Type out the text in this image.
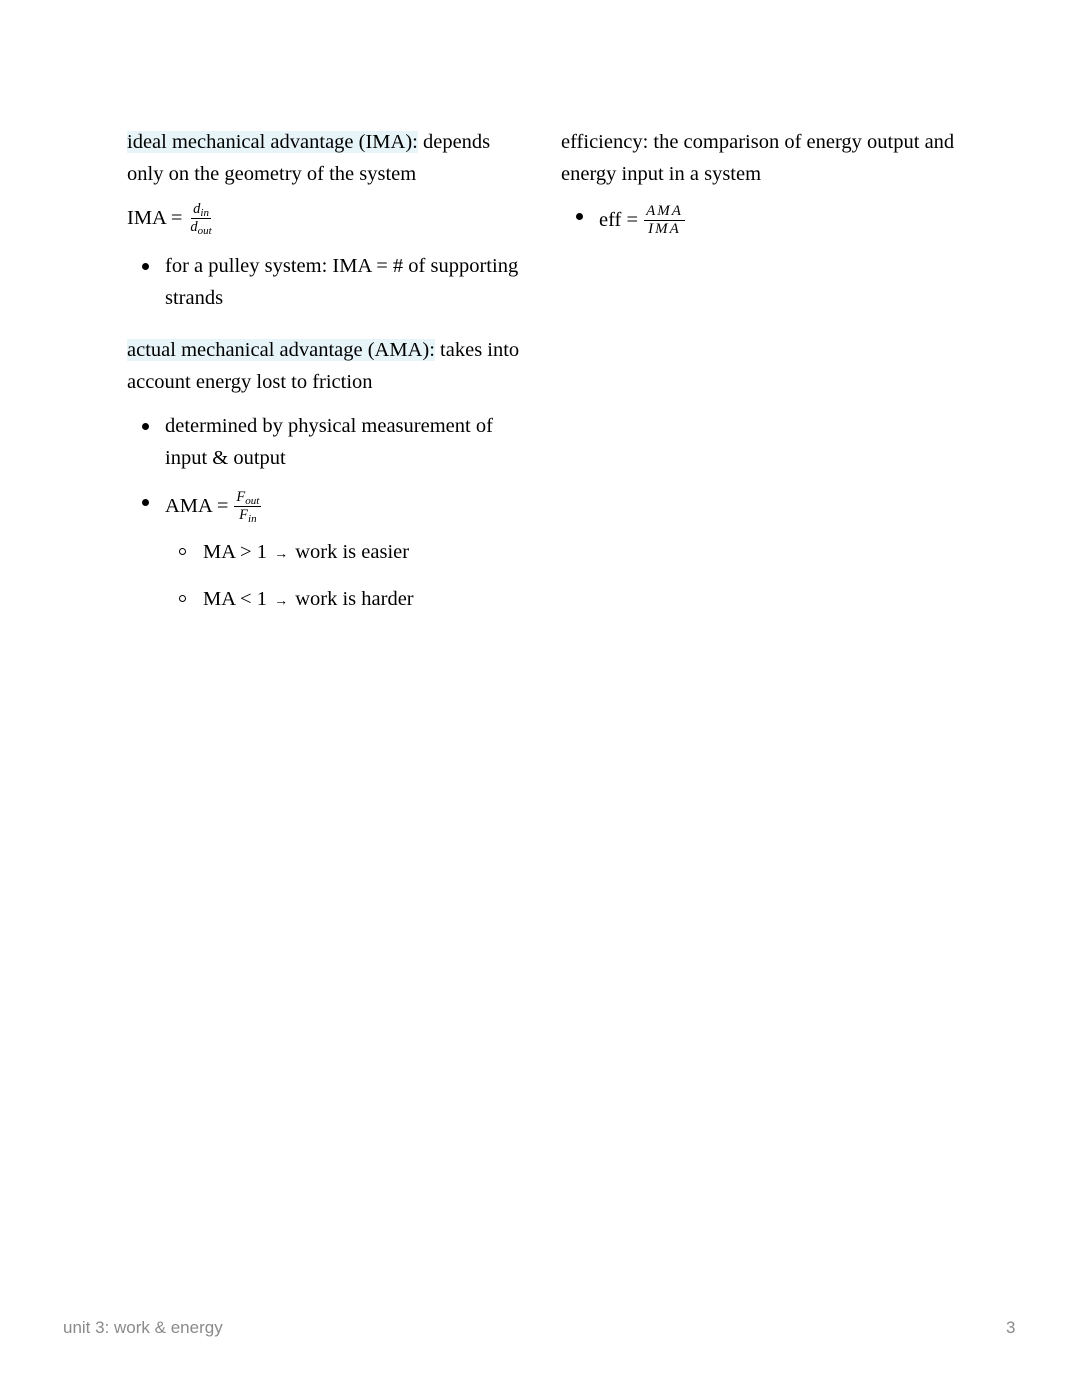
ideal mechanical advantage (IMA): depends only on the geometry of the system

IMA = $\frac{d_{in}}{d_{out}}$
for a pulley system: IMA = # of supporting strands

actual mechanical advantage (AMA): takes into account energy lost to friction

determined by physical measurement of input & output
AMA = $\frac{F_{out}}{F_{in}}$
MA > 1 → work is easier
MA < 1 → work is harder

efficiency: the comparison of energy output and energy input in a system

eff = $\frac{\text{AMA}}{\text{IMA}}$
unit 3: work & energy	3
